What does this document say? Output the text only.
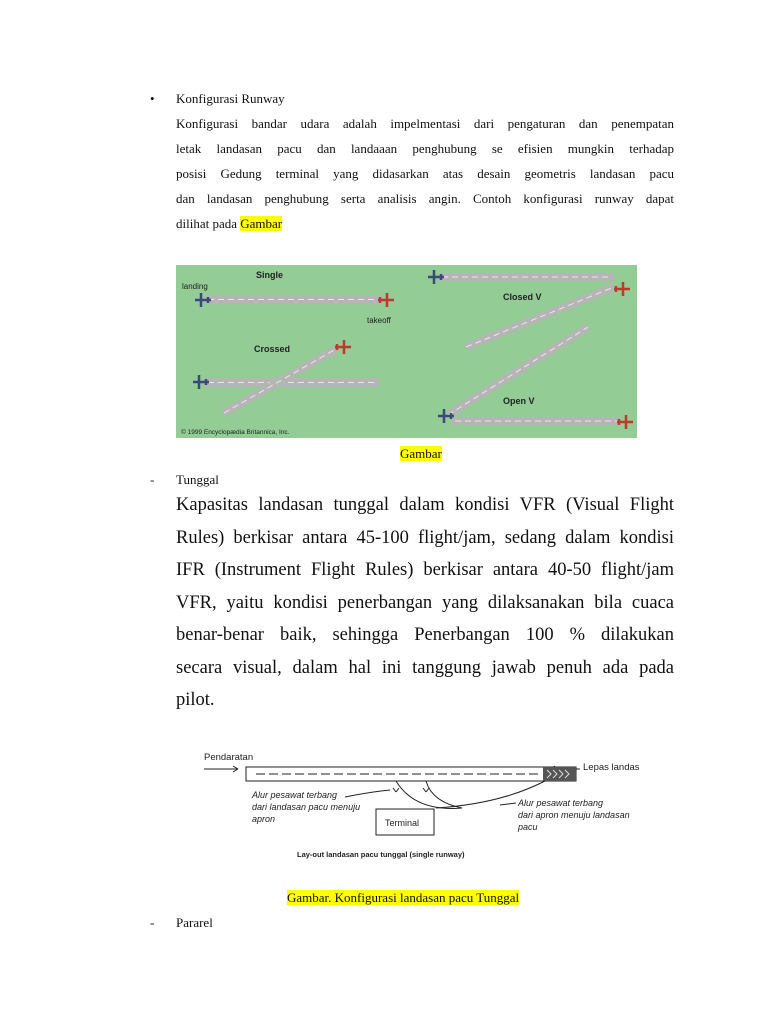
• Konfigurasi Runway
Konfigurasi bandar udara adalah impelmentasi dari pengaturan dan penempatan
letak landasan pacu dan landaaan penghubung se efisien mungkin terhadap
posisi Gedung terminal yang didasarkan atas desain geometris landasan pacu
dan landasan penghubung serta analisis angin. Contoh konfigurasi runway dapat
dilihat pada Gambar
Single
landing
takeoff
Closed V
Crossed
Open V
© 1999 Encyclopædia Britannica, Inc.
Gambar
- Tunggal
Kapasitas landasan tunggal dalam kondisi VFR (Visual Flight
Rules) berkisar antara 45-100 flight/jam, sedang dalam kondisi
IFR (Instrument Flight Rules) berkisar antara 40-50 flight/jam
VFR, yaitu kondisi penerbangan yang dilaksanakan bila cuaca
benar-benar baik, sehingga Penerbangan 100 % dilakukan
secara visual, dalam hal ini tanggung jawab penuh ada pada
pilot.
Pendaratan
Lepas landas
Alur pesawat terbang dari landasan pacu menuju apron	Terminal
Alur pesawat terbang dari apron menuju landasan pacu
Lay-out landasan pacu tunggal (single runway)
Gambar. Konfigurasi landasan pacu Tunggal
- Pararel
